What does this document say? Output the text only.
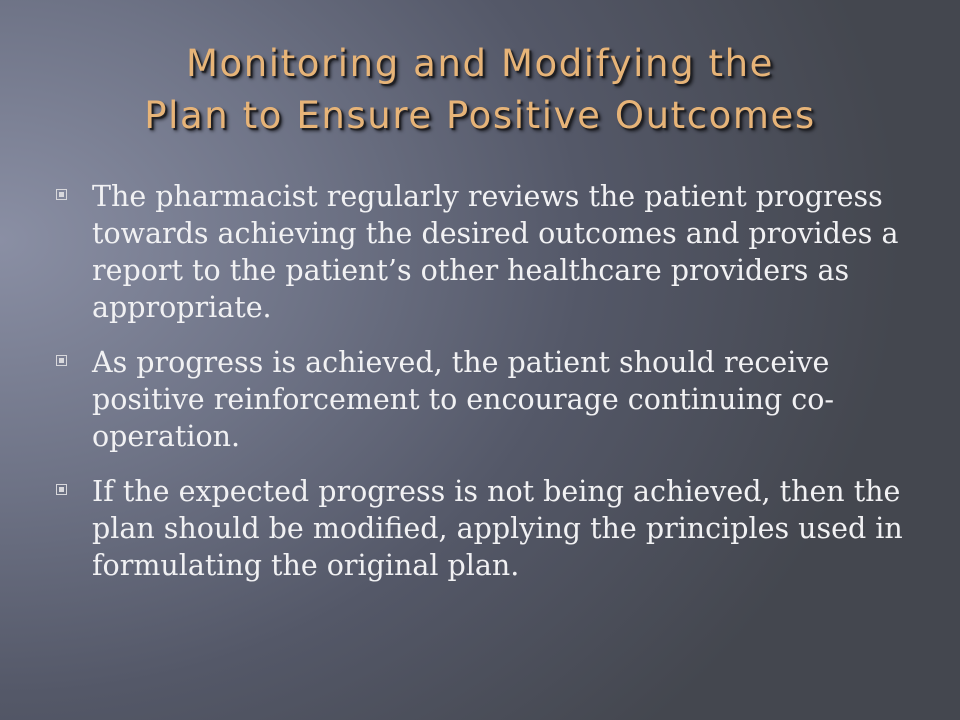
Monitoring and Modifying the
Plan to Ensure Positive Outcomes
The pharmacist regularly reviews the patient progress towards achieving the desired outcomes and provides a report to the patient’s other healthcare providers as appropriate.
As progress is achieved, the patient should receive positive reinforcement to encourage continuing co-operation.
If the expected progress is not being achieved, then the plan should be modified, applying the principles used in formulating the original plan.
